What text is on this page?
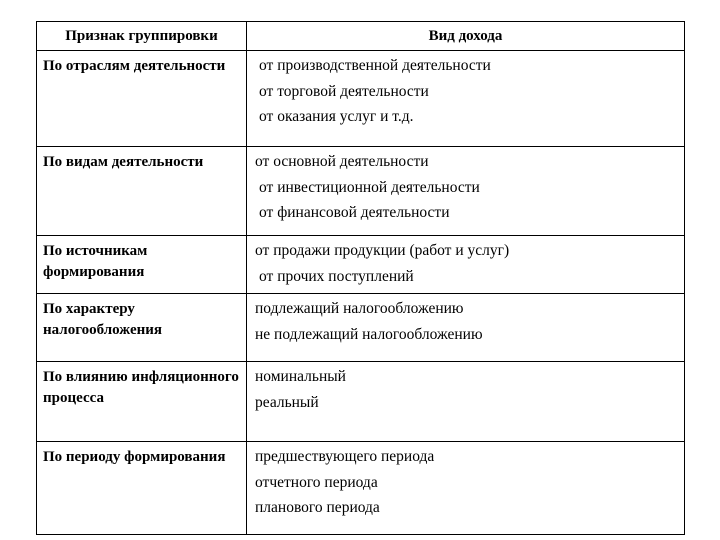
Признак группировки	Вид дохода
По отраслям деятельности	от производственной деятельности
от торговой деятельности
от оказания услуг и т.д.

По видам деятельности	от основной деятельности
от инвестиционной деятельности
от финансовой деятельности

По источникам формирования	от продажи продукции (работ и услуг)
от прочих поступлений

По характеру налогообложения	подлежащий налогообложению
не подлежащий налогообложению

По влиянию инфляционного процесса	номинальный
реальный

По периоду формирования	предшествующего периода
отчетного периода
планового периода
